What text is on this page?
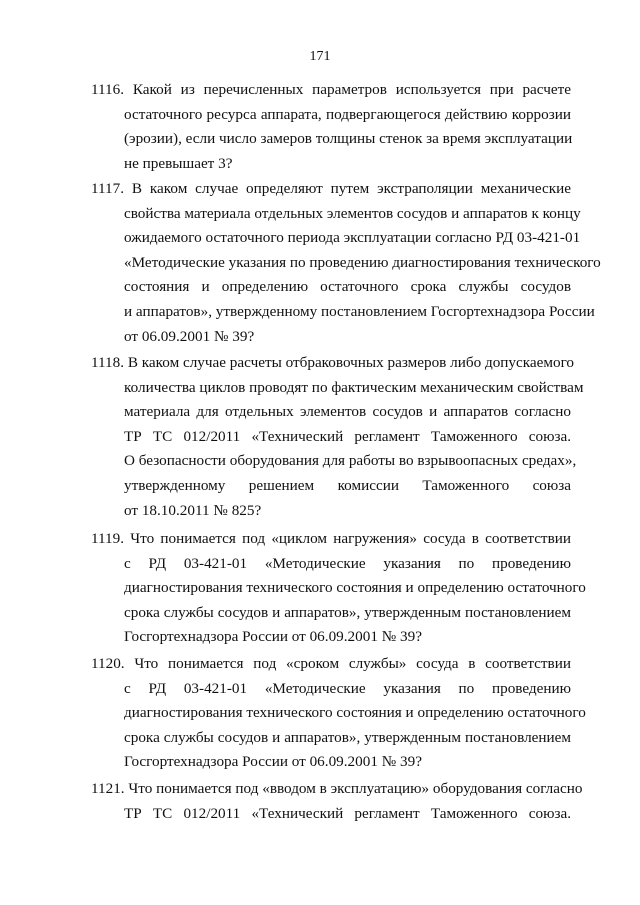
171
1116. Какой из перечисленных параметров используется при расчете
остаточного ресурса аппарата, подвергающегося действию коррозии
(эрозии), если число замеров толщины стенок за время эксплуатации
не превышает 3?
1117. В каком случае определяют путем экстраполяции механические
свойства материала отдельных элементов сосудов и аппаратов к концу
ожидаемого остаточного периода эксплуатации согласно РД 03-421-01
«Методические указания по проведению диагностирования технического
состояния и определению остаточного срока службы сосудов
и аппаратов», утвержденному постановлением Госгортехнадзора России
от 06.09.2001 № 39?
1118. В каком случае расчеты отбраковочных размеров либо допускаемого
количества циклов проводят по фактическим механическим свойствам
материала для отдельных элементов сосудов и аппаратов согласно
ТР ТС 012/2011 «Технический регламент Таможенного союза.
О безопасности оборудования для работы во взрывоопасных средах»,
утвержденному решением комиссии Таможенного союза
от 18.10.2011 № 825?
1119. Что понимается под «циклом нагружения» сосуда в соответствии
с РД 03-421-01 «Методические указания по проведению
диагностирования технического состояния и определению остаточного
срока службы сосудов и аппаратов», утвержденным постановлением
Госгортехнадзора России от 06.09.2001 № 39?
1120. Что понимается под «сроком службы» сосуда в соответствии
с РД 03-421-01 «Методические указания по проведению
диагностирования технического состояния и определению остаточного
срока службы сосудов и аппаратов», утвержденным постановлением
Госгортехнадзора России от 06.09.2001 № 39?
1121. Что понимается под «вводом в эксплуатацию» оборудования согласно
ТР ТС 012/2011 «Технический регламент Таможенного союза.
